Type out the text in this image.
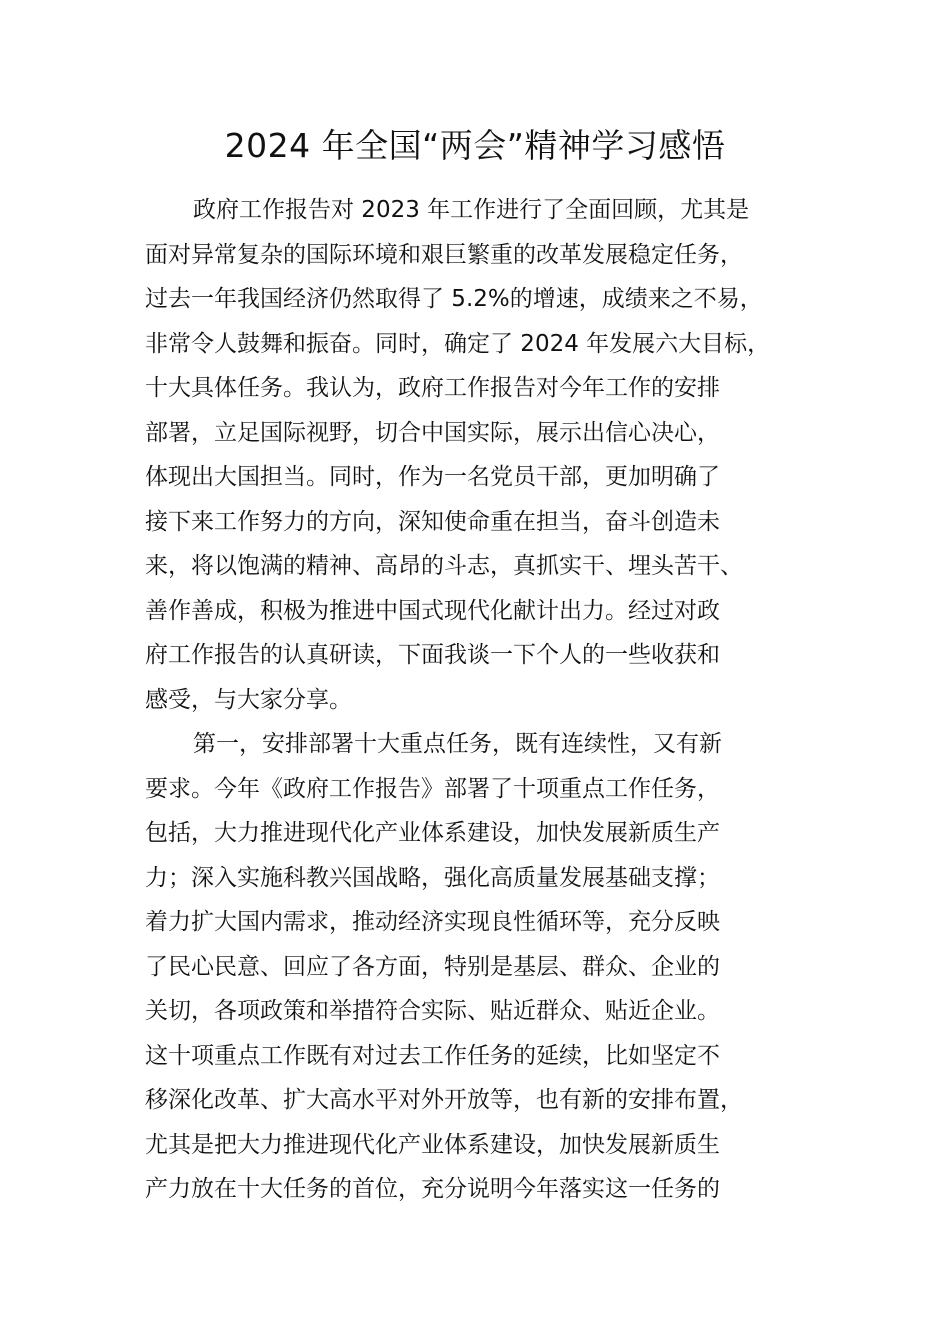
2024 年全国“两会”精神学习感悟
政府工作报告对 2023 年工作进行了全面回顾，尤其是
面对异常复杂的国际环境和艰巨繁重的改革发展稳定任务，
过去一年我国经济仍然取得了 5.2%的增速，成绩来之不易，
非常令人鼓舞和振奋。同时，确定了 2024 年发展六大目标，
十大具体任务。我认为，政府工作报告对今年工作的安排
部署，立足国际视野，切合中国实际，展示出信心决心，
体现出大国担当。同时，作为一名党员干部，更加明确了
接下来工作努力的方向，深知使命重在担当，奋斗创造未
来，将以饱满的精神、高昂的斗志，真抓实干、埋头苦干、
善作善成，积极为推进中国式现代化献计出力。经过对政
府工作报告的认真研读，下面我谈一下个人的一些收获和
感受，与大家分享。
第一，安排部署十大重点任务，既有连续性，又有新
要求。今年《政府工作报告》部署了十项重点工作任务，
包括，大力推进现代化产业体系建设，加快发展新质生产
力；深入实施科教兴国战略，强化高质量发展基础支撑；
着力扩大国内需求，推动经济实现良性循环等，充分反映
了民心民意、回应了各方面，特别是基层、群众、企业的
关切，各项政策和举措符合实际、贴近群众、贴近企业。
这十项重点工作既有对过去工作任务的延续，比如坚定不
移深化改革、扩大高水平对外开放等，也有新的安排布置，
尤其是把大力推进现代化产业体系建设，加快发展新质生
产力放在十大任务的首位，充分说明今年落实这一任务的
